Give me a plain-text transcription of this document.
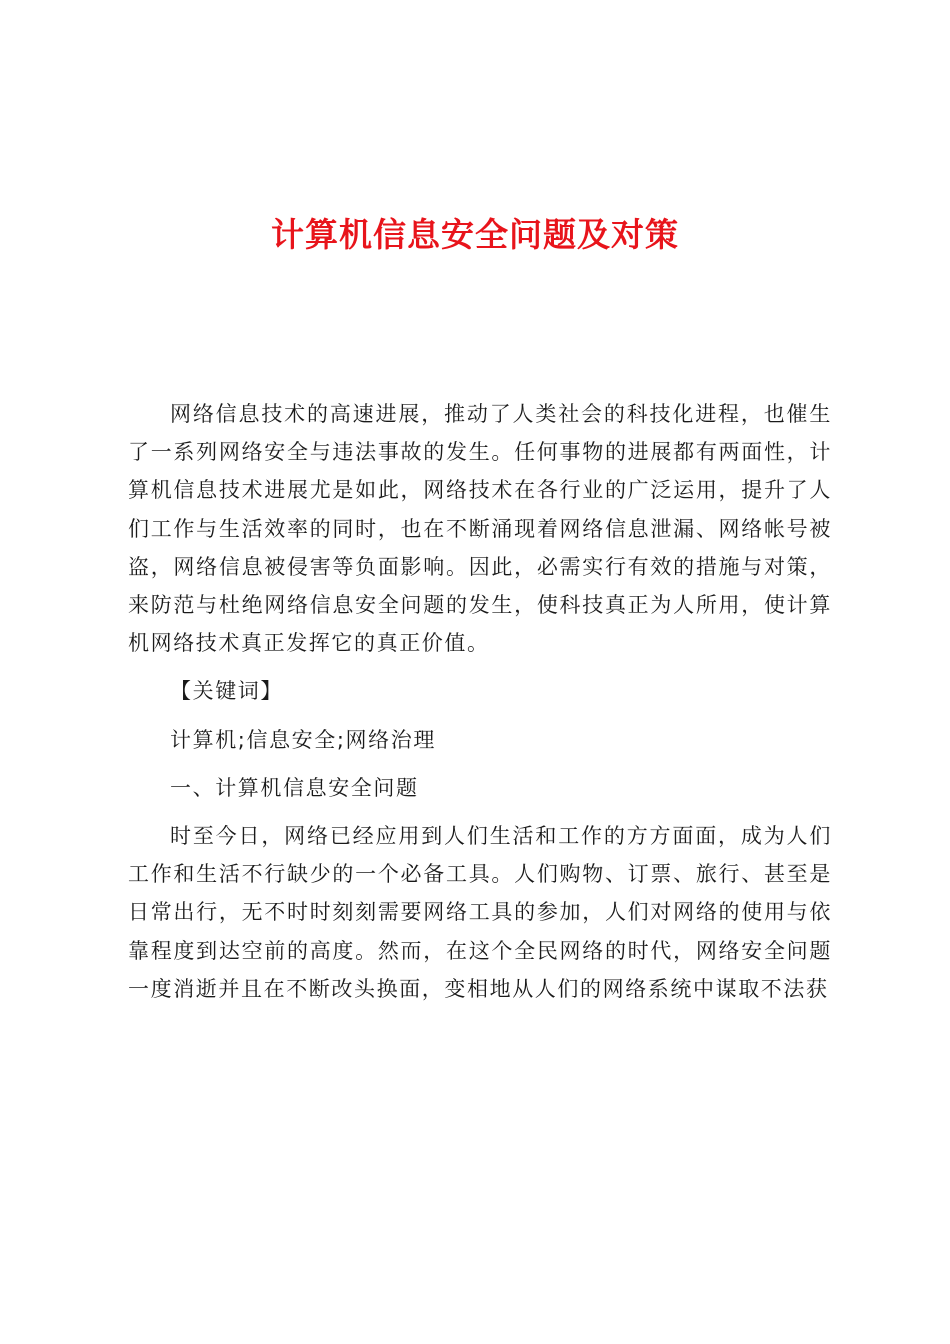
计算机信息安全问题及对策

网络信息技术的高速进展，推动了人类社会的科技化进程，也催生了一系列网络安全与违法事故的发生。任何事物的进展都有两面性，计算机信息技术进展尤是如此，网络技术在各行业的广泛运用，提升了人们工作与生活效率的同时，也在不断涌现着网络信息泄漏、网络帐号被盗，网络信息被侵害等负面影响。因此，必需实行有效的措施与对策，来防范与杜绝网络信息安全问题的发生，使科技真正为人所用，使计算机网络技术真正发挥它的真正价值。

【关键词】

计算机;信息安全;网络治理

一、计算机信息安全问题

时至今日，网络已经应用到人们生活和工作的方方面面，成为人们工作和生活不行缺少的一个必备工具。人们购物、订票、旅行、甚至是日常出行，无不时时刻刻需要网络工具的参加，人们对网络的使用与依靠程度到达空前的高度。然而，在这个全民网络的时代，网络安全问题一度消逝并且在不断改头换面，变相地从人们的网络系统中谋取不法获
